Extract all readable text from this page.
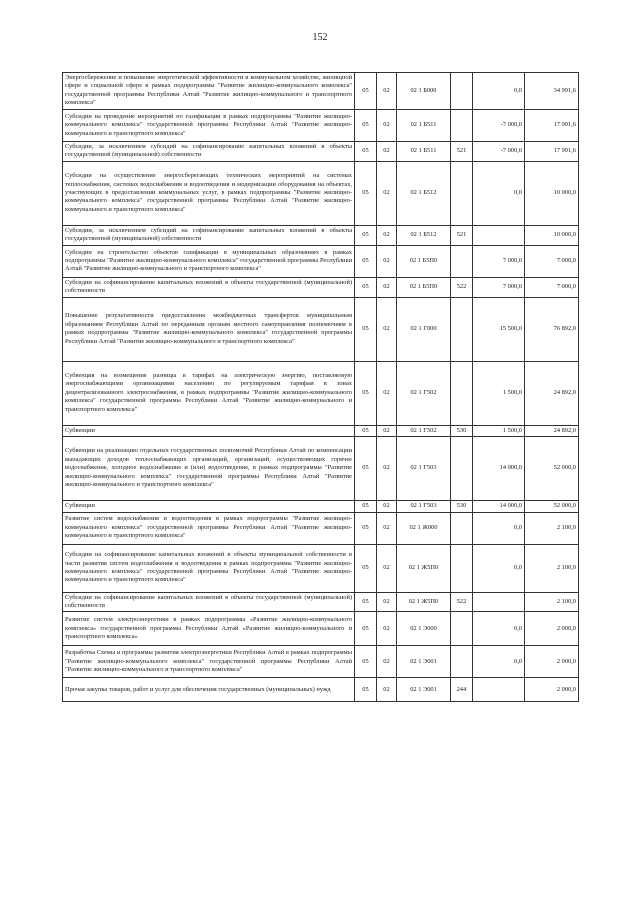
152
Энергосбережение и повышение энергетической эффективности в коммунальном хозяйстве, жилищной сфере и социальной сфере в рамках подпрограммы "Развитие жилищно-коммунального комплекса" государственной программы Республики Алтай "Развитие жилищно-коммунального и транспортного комплекса"	05	02	02 1 Б000		0,0	34 991,6
Субсидии на проведение мероприятий по газификации в рамках подпрограммы "Развитие жилищно-коммунального комплекса" государственной программы Республики Алтай "Развитие жилищно-коммунального и транспортного комплекса"	05	02	02 1 Б511		-7 000,0	17 991,6
Субсидии, за исключением субсидий на софинансирование капитальных вложений в объекты государственной (муниципальной) собственности	05	02	02 1 Б511	521	-7 000,0	17 991,6
Субсидии на осуществление энергосберегающих технических мероприятий на системах теплоснабжения, системах водоснабжения и водоотведения и модернизации оборудования на объектах, участвующих в предоставлении коммунальных услуг, в рамках подпрограммы "Развитие жилищно-коммунального комплекса" государственной программы Республики Алтай "Развитие жилищно-коммунального и транспортного комплекса"	05	02	02 1 Б512		0,0	10 000,0
Субсидии, за исключением субсидий на софинансирование капитальных вложений в объекты государственной (муниципальной) собственности	05	02	02 1 Б512	521		10 000,0
Субсидии на строительство объектов газификации в муниципальных образованиях в рамках подпрограммы "Развитие жилищно-коммунального комплекса" государственной программы Республики Алтай "Развитие жилищно-коммунального и транспортного комплекса"	05	02	02 1 Б5П0		7 000,0	7 000,0
Субсидии на софинансирование капитальных вложений в объекты государственной (муниципальной) собственности	05	02	02 1 Б5П0	522	7 000,0	7 000,0
Повышение результативности предоставления межбюджетных трансфертов муниципальным образованиям Республики Алтай по переданным органам местного самоуправления полномочиям в рамках подпрограммы "Развитие жилищно-коммунального комплекса" государственной программы Республики Алтай "Развитие жилищно-коммунального и транспортного комплекса"	05	02	02 1 Г000		15 500,0	76 892,0
Субвенция на возмещение разницы в тарифах на электрическую энергию, поставляемую энергоснабжающими организациями населению по регулируемым тарифам в зонах децентрализованного электроснабжения, в рамках подпрограммы "Развитие жилищно-коммунального комплекса" государственной программы Республики Алтай "Развитие жилищно-коммунального и транспортного комплекса"	05	02	02 1 Г502		1 500,0	24 892,0
Субвенции	05	02	02 1 Г502	530	1 500,0	24 892,0
Субвенции на реализацию отдельных государственных полномочий Республики Алтай по компенсации выпадающих доходов теплоснабжающих организаций, организаций, осуществляющих горячее водоснабжение, холодное водоснабжение и (или) водоотведение, в рамках подпрограммы "Развитие жилищно-коммунального комплекса" государственной программы Республики Алтай "Развитие жилищно-коммунального и транспортного комплекса"	05	02	02 1 Г503		14 000,0	52 000,0
Субвенции	05	02	02 1 Г503	530	14 000,0	52 000,0
Развитие систем водоснабжения и водоотведения в рамках подпрограммы "Развитие жилищно-коммунального комплекса" государственной программы Республики Алтай "Развитие жилищно-коммунального и транспортного комплекса"	05	02	02 1 Ж000		0,0	2 100,0
Субсидии на софинансирование капитальных вложений в объекты муниципальной собственности в части развития систем водоснабжения и водоотведения в рамках подпрограммы "Развитие жилищно-коммунального комплекса" государственной программы Республики Алтай "Развитие жилищно-коммунального и транспортного комплекса"	05	02	02 1 Ж5П0		0,0	2 100,0
Субсидии на софинансирование капитальных вложений в объекты государственной (муниципальной) собственности	05	02	02 1 Ж5П0	522		2 100,0
Развитие систем электроэнергетики в рамках подпрограммы «Развитие жилищно-коммунального комплекса» государственной программы Республики Алтай «Развитие жилищно-коммунального и транспортного комплекса»	05	02	02 1 Э000		0,0	2 000,0
Разработка Схемы и программы развития электроэнергетики Республики Алтай в рамках подпрограммы "Развитие жилищно-коммунального комплекса" государственной программы Республики Алтай "Развитие жилищно-коммунального и транспортного комплекса"	05	02	02 1 Э001		0,0	2 000,0
Прочая закупка товаров, работ и услуг для обеспечения государственных (муниципальных) нужд	05	02	02 1 Э001	244		2 000,0
